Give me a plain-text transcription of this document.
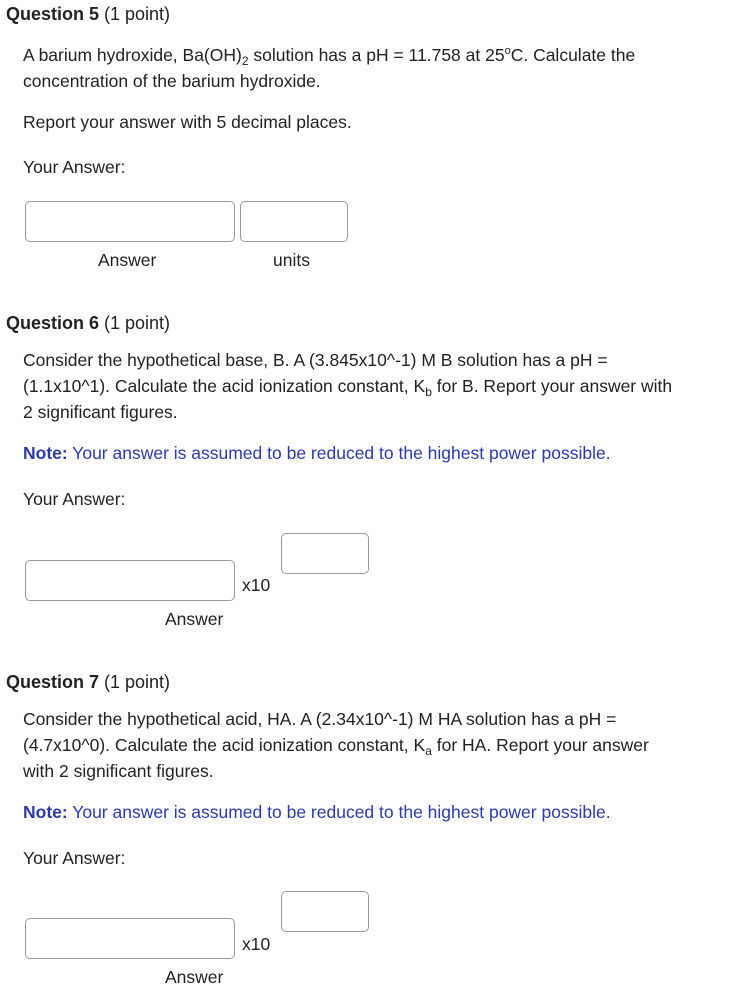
Question 5 (1 point)
A barium hydroxide, $Ba(OH)_2$ solution has a pH = 11.758 at 25$^o$C. Calculate the
concentration of the barium hydroxide.
Report your answer with 5 decimal places.
Your Answer:
Answer	units
Question 6 (1 point)
Consider the hypothetical base, B. A (3.845x10^-1) M B solution has a pH =
(1.1x10^1). Calculate the acid ionization constant, $K_b$ for B. Report your answer with
2 significant figures.
Note: Your answer is assumed to be reduced to the highest power possible.
Your Answer:
x10
Answer
Question 7 (1 point)
Consider the hypothetical acid, HA. A (2.34x10^-1) M HA solution has a pH =
(4.7x10^0). Calculate the acid ionization constant, $K_a$ for HA. Report your answer
with 2 significant figures.
Note: Your answer is assumed to be reduced to the highest power possible.
Your Answer:
x10
Answer
